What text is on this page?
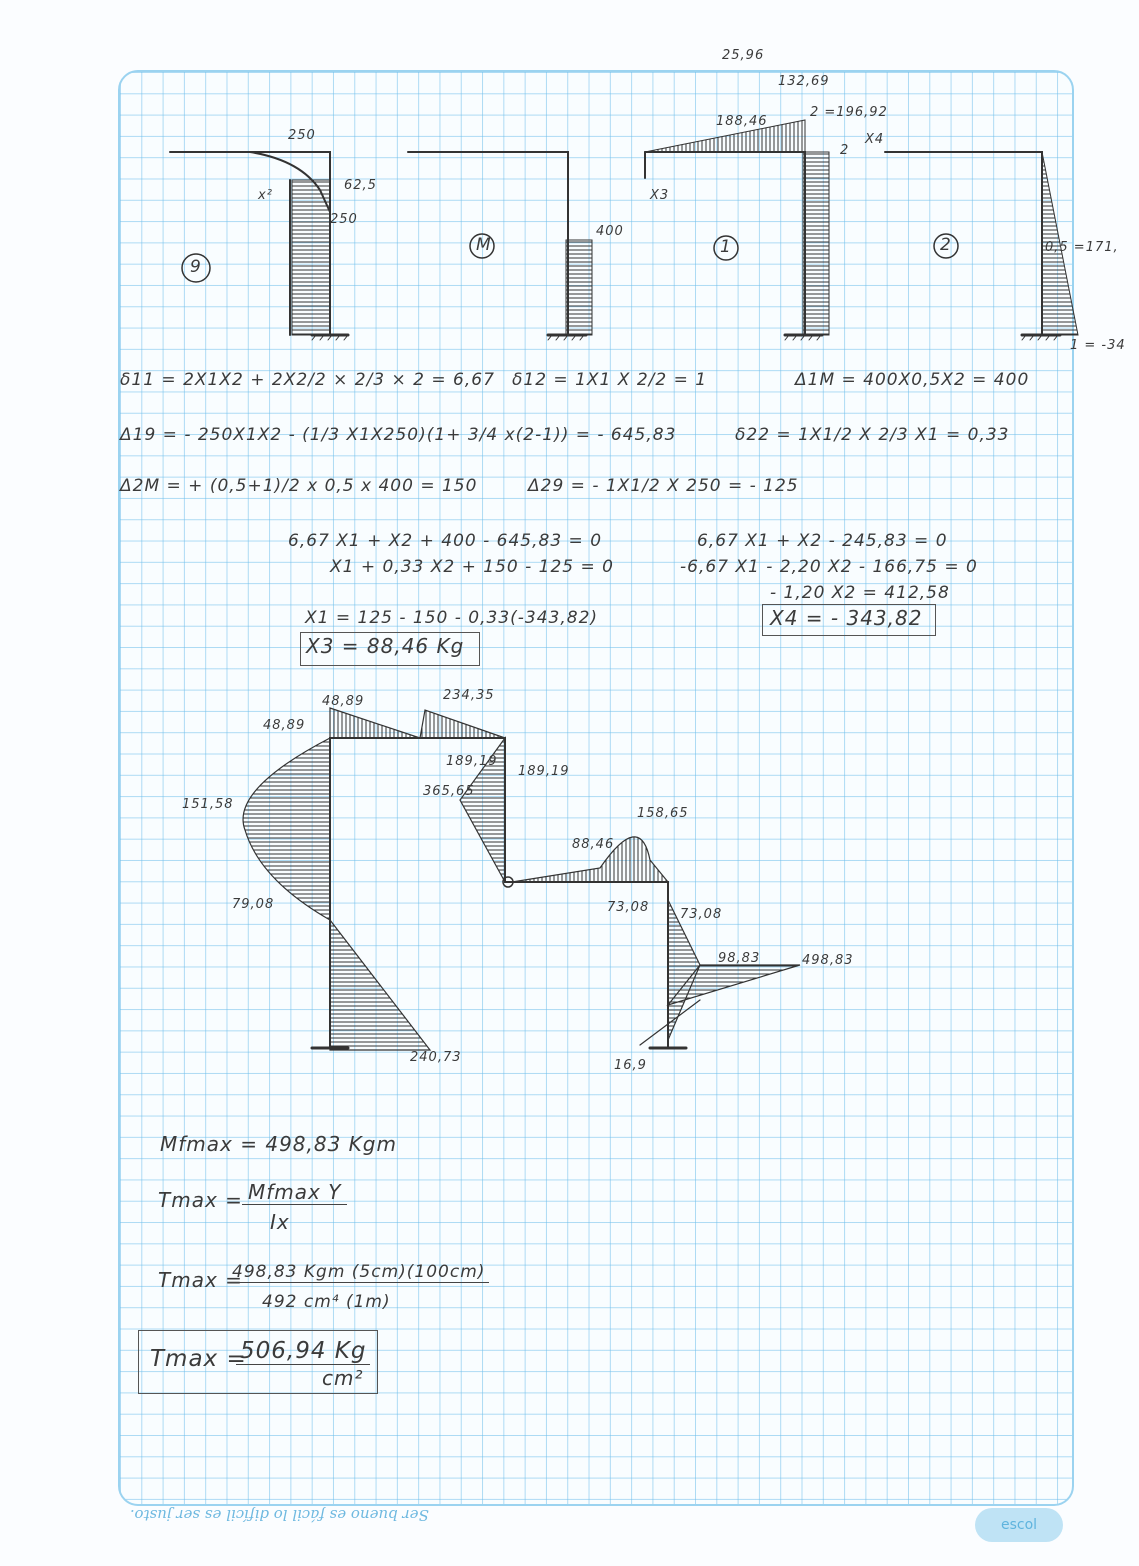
25,96
132,69
9
250
62,5
250
x²
M
400
1
188,46
X3
2
2 =196,92
2
X4
0,5 =171,
1 = -34
δ11 = 2X1X2 + 2X2/2 × 2/3 × 2 = 6,67 δ12 = 1X1 X 2/2 = 1	Δ1M = 400X0,5X2 = 400
Δ19 = - 250X1X2 - (1/3 X1X250)(1+ 3/4 x(2-1)) = - 645,83	δ22 = 1X1/2 X 2/3 X1 = 0,33
Δ2M = + (0,5+1)/2 x 0,5 x 400 = 150	Δ29 = - 1X1/2 X 250 = - 125
6,67 X1 + X2 + 400 - 645,83 = 0
X1 + 0,33 X2 + 150 - 125 = 0
6,67 X1 + X2 - 245,83 = 0
-6,67 X1 - 2,20 X2 - 166,75 = 0
- 1,20 X2 = 412,58
X4 = - 343,82
X1 = 125 - 150 - 0,33(-343,82)
X3 = 88,46 Kg
48,89
48,89	234,35
151,58
189,19
189,19
365,65
158,65
88,46
79,08	73,08 73,08
98,83	498,83
240,73
16,9
Mfmax = 498,83 Kgm
Tmax = Mfmax Y
Ix
Tmax =
498,83 Kgm (5cm)(100cm)
492 cm⁴ (1m)
Tmax =
506,94 Kg
cm²
Ser bueno es fácil lo difícil es ser justo.
escol
